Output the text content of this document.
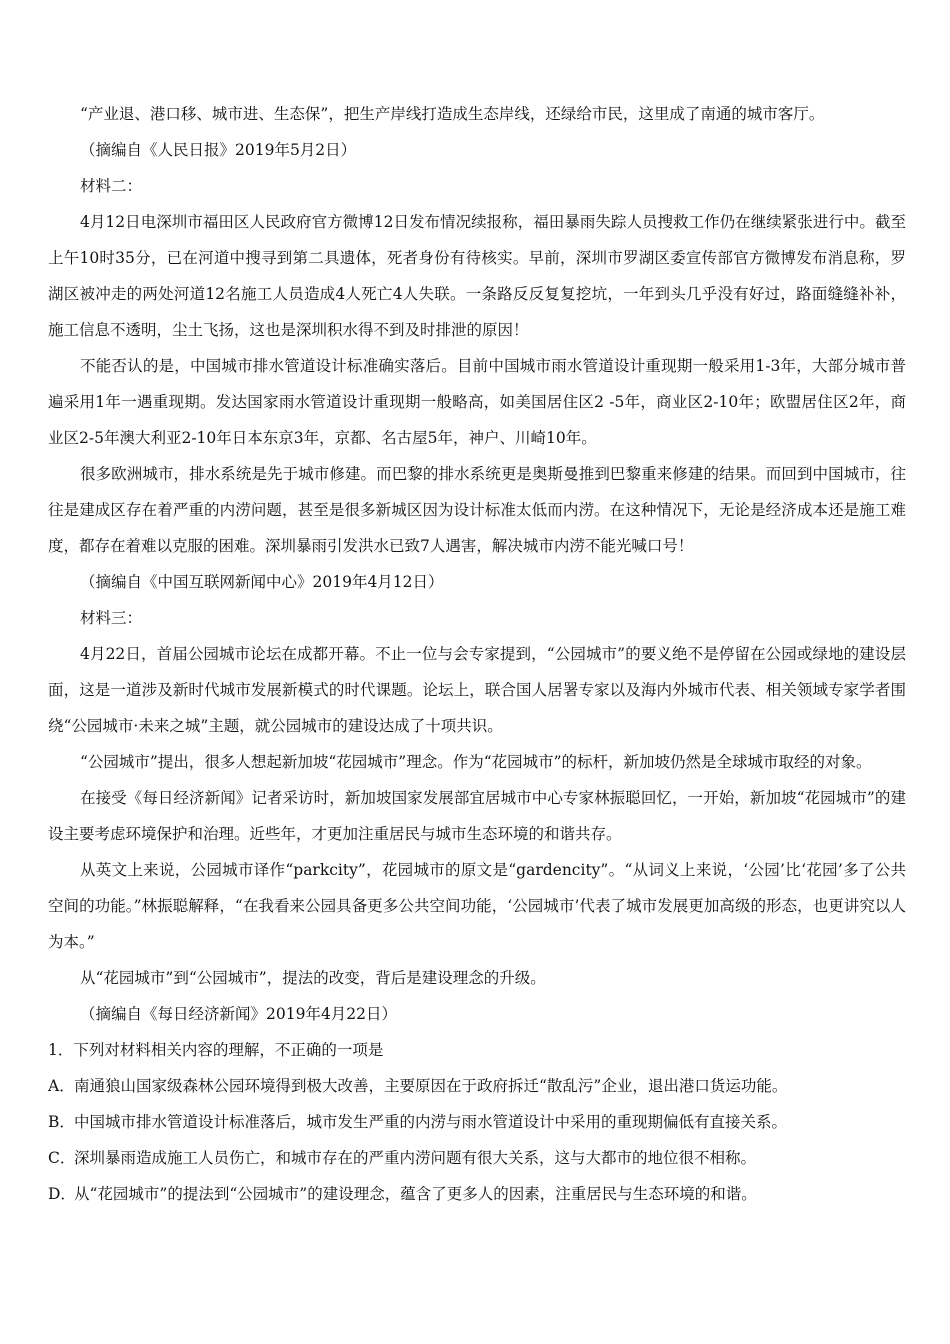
“产业退、港口移、城市进、生态保”，把生产岸线打造成生态岸线，还绿给市民，这里成了南通的城市客厅。

（摘编自《人民日报》2019年5月2日）

材料二：

4月12日电深圳市福田区人民政府官方微博12日发布情况续报称，福田暴雨失踪人员搜救工作仍在继续紧张进行中。截至上午10时35分，已在河道中搜寻到第二具遗体，死者身份有待核实。早前，深圳市罗湖区委宣传部官方微博发布消息称，罗湖区被冲走的两处河道12名施工人员造成4人死亡4人失联。一条路反反复复挖坑，一年到头几乎没有好过，路面缝缝补补，施工信息不透明，尘土飞扬，这也是深圳积水得不到及时排泄的原因！

不能否认的是，中国城市排水管道设计标准确实落后。目前中国城市雨水管道设计重现期一般采用1-3年，大部分城市普遍采用1年一遇重现期。发达国家雨水管道设计重现期一般略高，如美国居住区2 -5年，商业区2-10年；欧盟居住区2年，商业区2-5年澳大利亚2-10年日本东京3年，京都、名古屋5年，神户、川崎10年。

很多欧洲城市，排水系统是先于城市修建。而巴黎的排水系统更是奥斯曼推到巴黎重来修建的结果。而回到中国城市，往往是建成区存在着严重的内涝问题，甚至是很多新城区因为设计标准太低而内涝。在这种情况下，无论是经济成本还是施工难度，都存在着难以克服的困难。深圳暴雨引发洪水已致7人遇害，解决城市内涝不能光喊口号！

（摘编自《中国互联网新闻中心》2019年4月12日）

材料三：

4月22日，首届公园城市论坛在成都开幕。不止一位与会专家提到，“公园城市”的要义绝不是停留在公园或绿地的建设层面，这是一道涉及新时代城市发展新模式的时代课题。论坛上，联合国人居署专家以及海内外城市代表、相关领域专家学者围绕“公园城市·未来之城”主题，就公园城市的建设达成了十项共识。

“公园城市”提出，很多人想起新加坡“花园城市”理念。作为“花园城市”的标杆，新加坡仍然是全球城市取经的对象。

在接受《每日经济新闻》记者采访时，新加坡国家发展部宜居城市中心专家林振聪回忆，一开始，新加坡“花园城市”的建设主要考虑环境保护和治理。近些年，才更加注重居民与城市生态环境的和谐共存。

从英文上来说，公园城市译作“parkcity”，花园城市的原文是“gardencity”。“从词义上来说，‘公园’比‘花园’多了公共空间的功能。”林振聪解释，“在我看来公园具备更多公共空间功能，‘公园城市’代表了城市发展更加高级的形态，也更讲究以人为本。”

从“花园城市”到“公园城市”，提法的改变，背后是建设理念的升级。

（摘编自《每日经济新闻》2019年4月22日）

1．下列对材料相关内容的理解，不正确的一项是

A．南通狼山国家级森林公园环境得到极大改善，主要原因在于政府拆迁“散乱污”企业，退出港口货运功能。

B．中国城市排水管道设计标准落后，城市发生严重的内涝与雨水管道设计中采用的重现期偏低有直接关系。

C．深圳暴雨造成施工人员伤亡，和城市存在的严重内涝问题有很大关系，这与大都市的地位很不相称。

D．从“花园城市”的提法到“公园城市”的建设理念，蕴含了更多人的因素，注重居民与生态环境的和谐。
